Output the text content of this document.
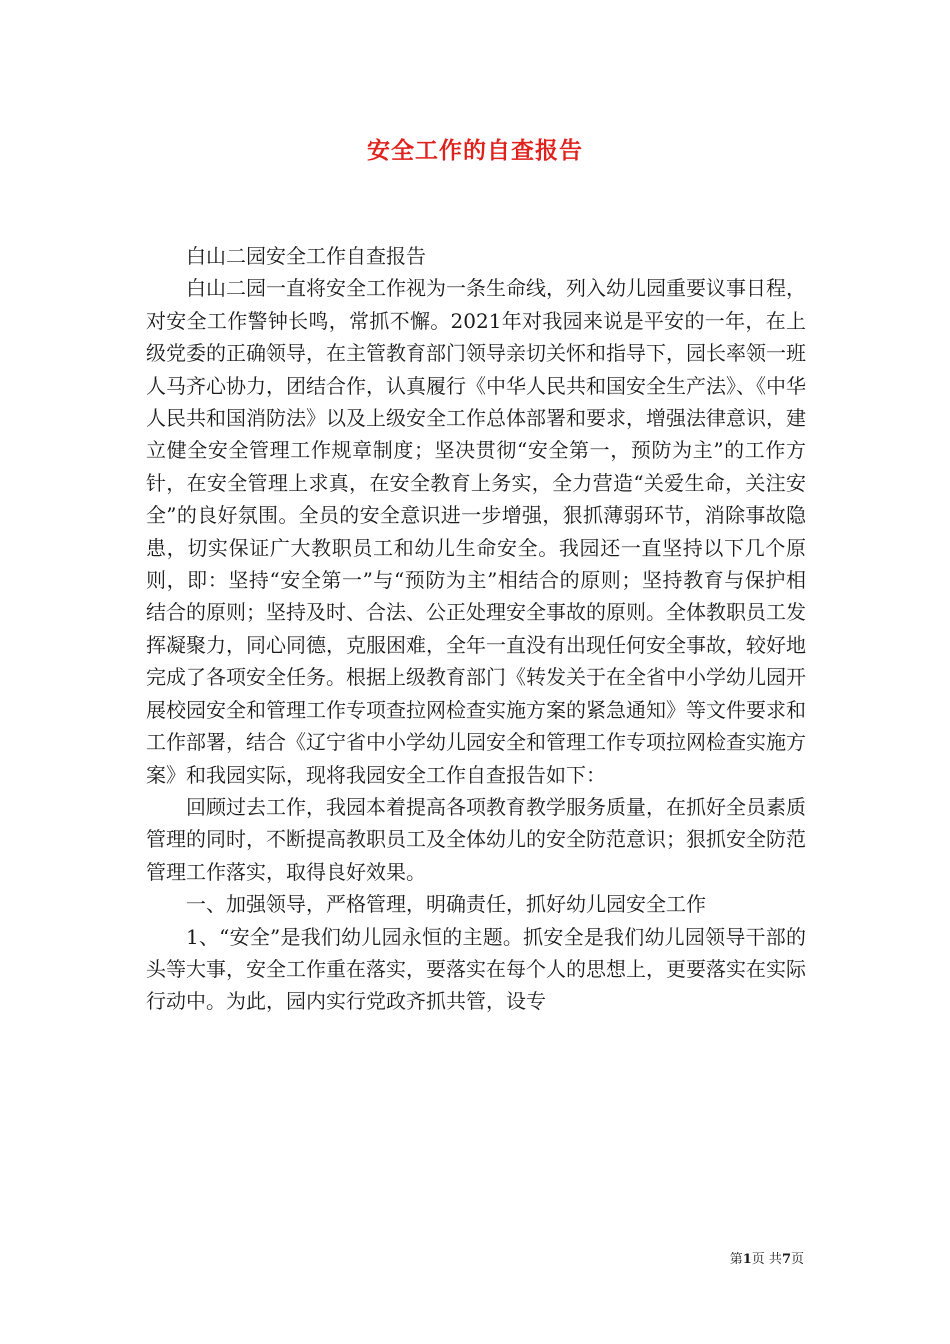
安全工作的自查报告

白山二园安全工作自查报告

白山二园一直将安全工作视为一条生命线，列入幼儿园重要议事日程，对安全工作警钟长鸣，常抓不懈。2021年对我园来说是平安的一年，在上级党委的正确领导，在主管教育部门领导亲切关怀和指导下，园长率领一班人马齐心协力，团结合作，认真履行《中华人民共和国安全生产法》、《中华人民共和国消防法》以及上级安全工作总体部署和要求，增强法律意识，建立健全安全管理工作规章制度；坚决贯彻“安全第一，预防为主”的工作方针，在安全管理上求真，在安全教育上务实，全力营造“关爱生命，关注安全”的良好氛围。全员的安全意识进一步增强，狠抓薄弱环节，消除事故隐患，切实保证广大教职员工和幼儿生命安全。我园还一直坚持以下几个原则，即：坚持“安全第一”与“预防为主”相结合的原则；坚持教育与保护相结合的原则；坚持及时、合法、公正处理安全事故的原则。全体教职员工发挥凝聚力，同心同德，克服困难，全年一直没有出现任何安全事故，较好地完成了各项安全任务。根据上级教育部门《转发关于在全省中小学幼儿园开展校园安全和管理工作专项查拉网检查实施方案的紧急通知》等文件要求和工作部署，结合《辽宁省中小学幼儿园安全和管理工作专项拉网检查实施方案》和我园实际，现将我园安全工作自查报告如下：

回顾过去工作，我园本着提高各项教育教学服务质量，在抓好全员素质管理的同时，不断提高教职员工及全体幼儿的安全防范意识；狠抓安全防范管理工作落实，取得良好效果。

一、加强领导，严格管理，明确责任，抓好幼儿园安全工作

1、“安全”是我们幼儿园永恒的主题。抓安全是我们幼儿园领导干部的头等大事，安全工作重在落实，要落实在每个人的思想上，更要落实在实际行动中。为此，园内实行党政齐抓共管，设专

第1页 共7页
